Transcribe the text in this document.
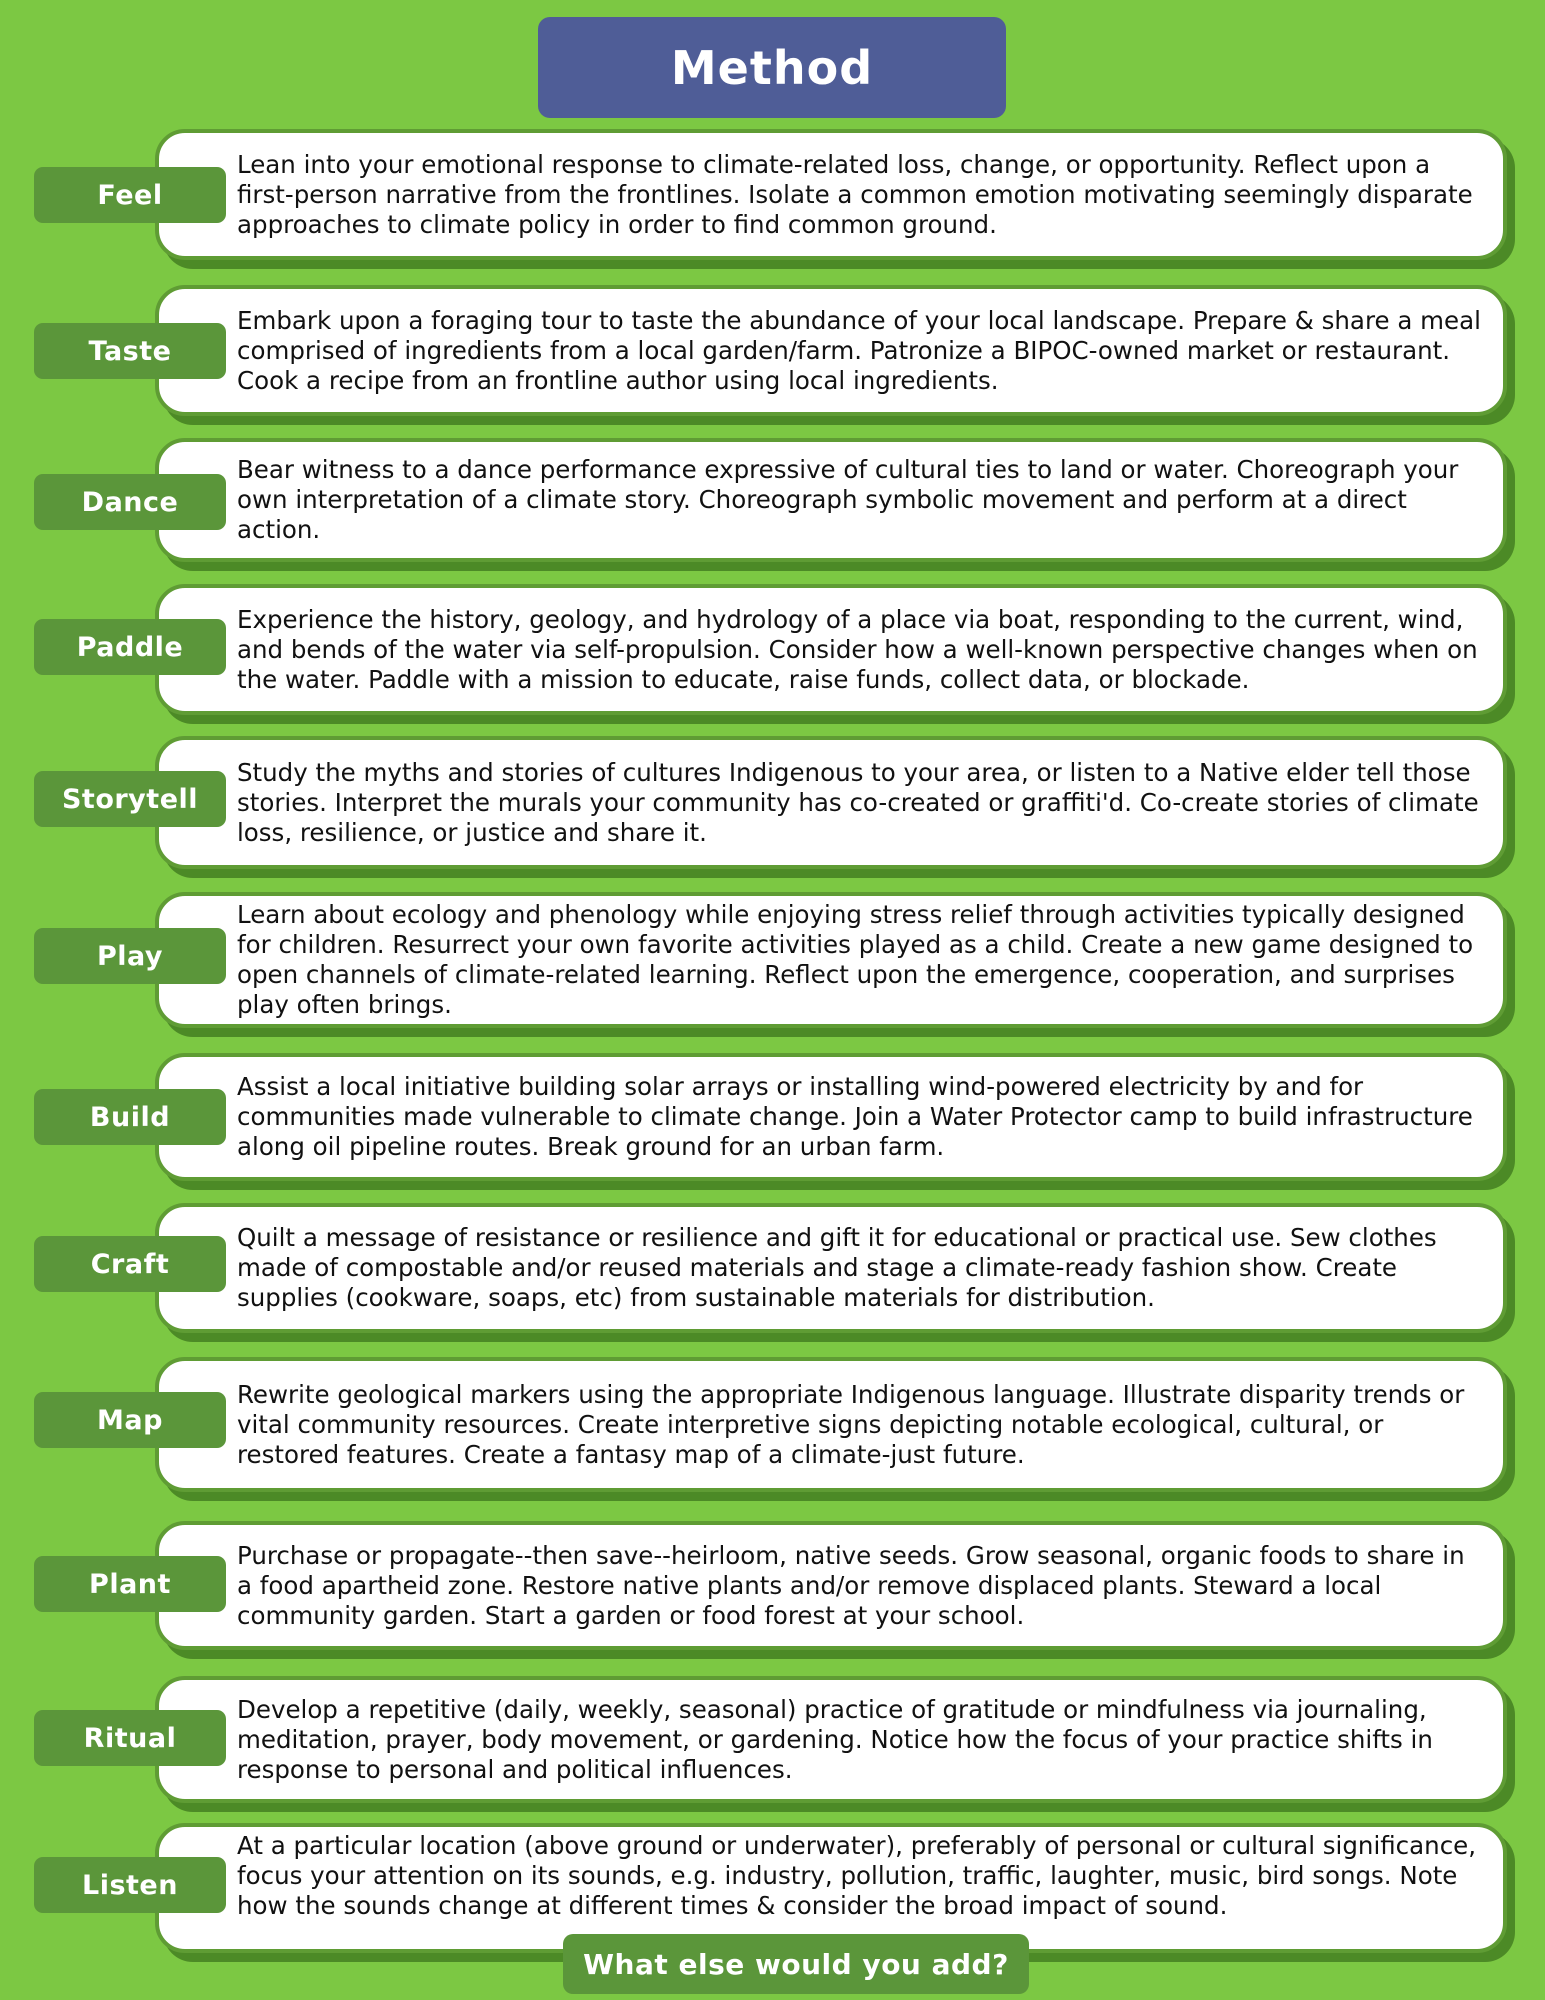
Method
Feel

Lean into your emotional response to climate-related loss, change, or opportunity. Reflect upon a first-person narrative from the frontlines. Isolate a common emotion motivating seemingly disparate approaches to climate policy in order to find common ground.

Taste

Embark upon a foraging tour to taste the abundance of your local landscape. Prepare & share a meal comprised of ingredients from a local garden/farm. Patronize a BIPOC-owned market or restaurant. Cook a recipe from an frontline author using local ingredients.

Dance

Bear witness to a dance performance expressive of cultural ties to land or water. Choreograph your own interpretation of a climate story. Choreograph symbolic movement and perform at a direct action.

Paddle

Experience the history, geology, and hydrology of a place via boat, responding to the current, wind, and bends of the water via self-propulsion. Consider how a well-known perspective changes when on the water. Paddle with a mission to educate, raise funds, collect data, or blockade.

Storytell

Study the myths and stories of cultures Indigenous to your area, or listen to a Native elder tell those stories. Interpret the murals your community has co-created or graffiti'd. Co-create stories of climate loss, resilience, or justice and share it.

Play

Learn about ecology and phenology while enjoying stress relief through activities typically designed for children. Resurrect your own favorite activities played as a child. Create a new game designed to open channels of climate-related learning. Reflect upon the emergence, cooperation, and surprises play often brings.

Build

Assist a local initiative building solar arrays or installing wind-powered electricity by and for communities made vulnerable to climate change. Join a Water Protector camp to build infrastructure along oil pipeline routes. Break ground for an urban farm.

Craft

Quilt a message of resistance or resilience and gift it for educational or practical use. Sew clothes made of compostable and/or reused materials and stage a climate-ready fashion show. Create supplies (cookware, soaps, etc) from sustainable materials for distribution.

Map

Rewrite geological markers using the appropriate Indigenous language. Illustrate disparity trends or vital community resources. Create interpretive signs depicting notable ecological, cultural, or restored features. Create a fantasy map of a climate-just future.

Plant

Purchase or propagate--then save--heirloom, native seeds. Grow seasonal, organic foods to share in a food apartheid zone. Restore native plants and/or remove displaced plants. Steward a local community garden. Start a garden or food forest at your school.

Ritual

Develop a repetitive (daily, weekly, seasonal) practice of gratitude or mindfulness via journaling, meditation, prayer, body movement, or gardening. Notice how the focus of your practice shifts in response to personal and political influences.

Listen

At a particular location (above ground or underwater), preferably of personal or cultural significance, focus your attention on its sounds, e.g. industry, pollution, traffic, laughter, music, bird songs. Note how the sounds change at different times & consider the broad impact of sound.

What else would you add?
